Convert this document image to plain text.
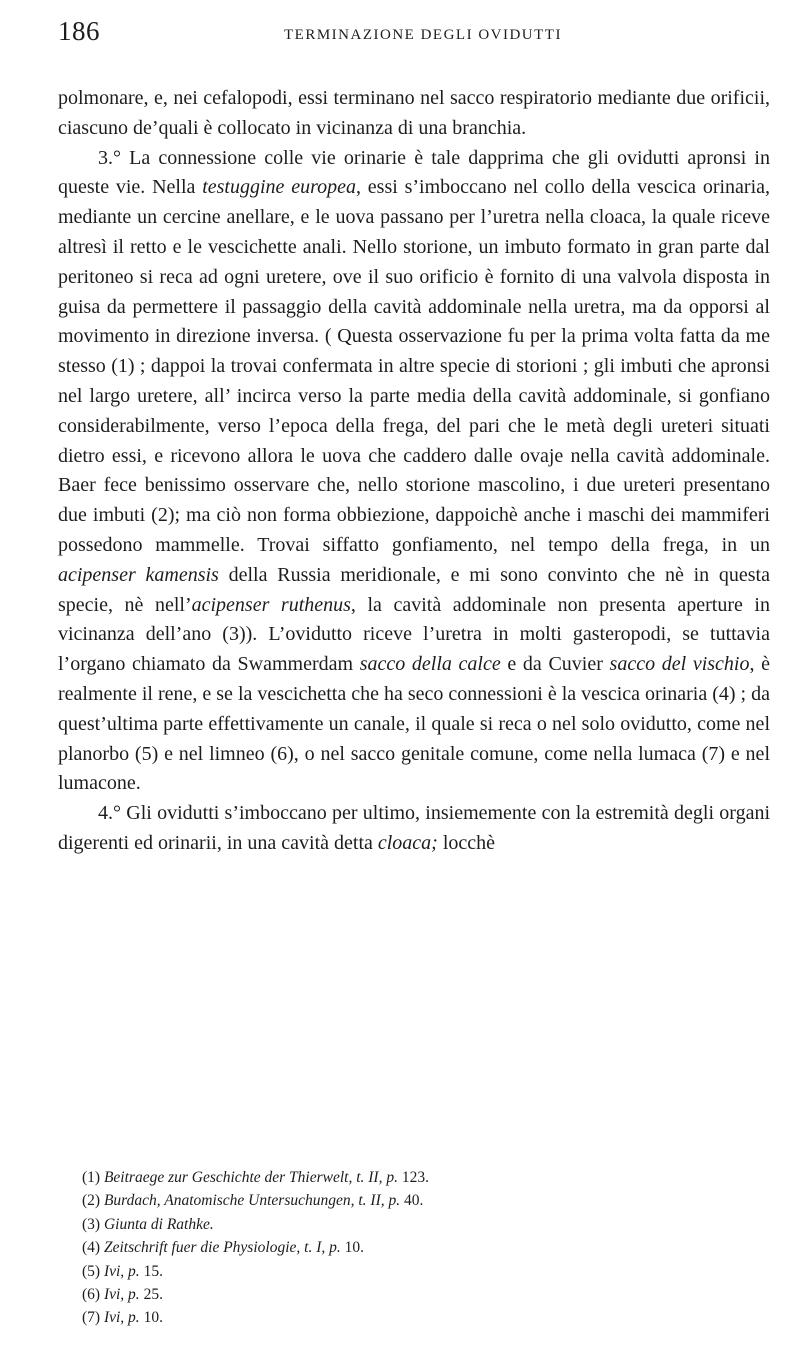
186	TERMINAZIONE DEGLI OVIDUTTI

polmonare, e, nei cefalopodi, essi terminano nel sacco respiratorio mediante due orificii, ciascuno de’quali è collocato in vicinanza di una branchia.

3.° La connessione colle vie orinarie è tale dapprima che gli ovidutti apronsi in queste vie. Nella testuggine europea, essi s’imboccano nel collo della vescica orinaria, mediante un cercine anellare, e le uova passano per l’uretra nella cloaca, la quale riceve altresì il retto e le vescichette anali. Nello storione, un imbuto formato in gran parte dal peritoneo si reca ad ogni uretere, ove il suo orificio è fornito di una valvola disposta in guisa da permettere il passaggio della cavità addominale nella uretra, ma da opporsi al movimento in direzione inversa. ( Questa osservazione fu per la prima volta fatta da me stesso (1) ; dappoi la trovai confermata in altre specie di storioni ; gli imbuti che apronsi nel largo uretere, all’ incirca verso la parte media della cavità addominale, si gonfiano considerabilmente, verso l’epoca della frega, del pari che le metà degli ureteri situati dietro essi, e ricevono allora le uova che caddero dalle ovaje nella cavità addominale. Baer fece benissimo osservare che, nello storione mascolino, i due ureteri presentano due imbuti (2); ma ciò non forma obbiezione, dappoichè anche i maschi dei mammiferi possedono mammelle. Trovai siffatto gonfiamento, nel tempo della frega, in un acipenser kamensis della Russia meridionale, e mi sono convinto che nè in questa specie, nè nell’acipenser ruthenus, la cavità addominale non presenta aperture in vicinanza dell’ano (3)). L’ovidutto riceve l’uretra in molti gasteropodi, se tuttavia l’organo chiamato da Swammerdam sacco della calce e da Cuvier sacco del vischio, è realmente il rene, e se la vescichetta che ha seco connessioni è la vescica orinaria (4) ; da quest’ultima parte effettivamente un canale, il quale si reca o nel solo ovidutto, come nel planorbo (5) e nel limneo (6), o nel sacco genitale comune, come nella lumaca (7) e nel lumacone.

4.° Gli ovidutti s’imboccano per ultimo, insiememente con la estremità degli organi digerenti ed orinarii, in una cavità detta cloaca; locchè

(1) Beitraege zur Geschichte der Thierwelt, t. II, p. 123.
(2) Burdach, Anatomische Untersuchungen, t. II, p. 40.
(3) Giunta di Rathke.
(4) Zeitschrift fuer die Physiologie, t. I, p. 10.
(5) Ivi, p. 15.
(6) Ivi, p. 25.
(7) Ivi, p. 10.
